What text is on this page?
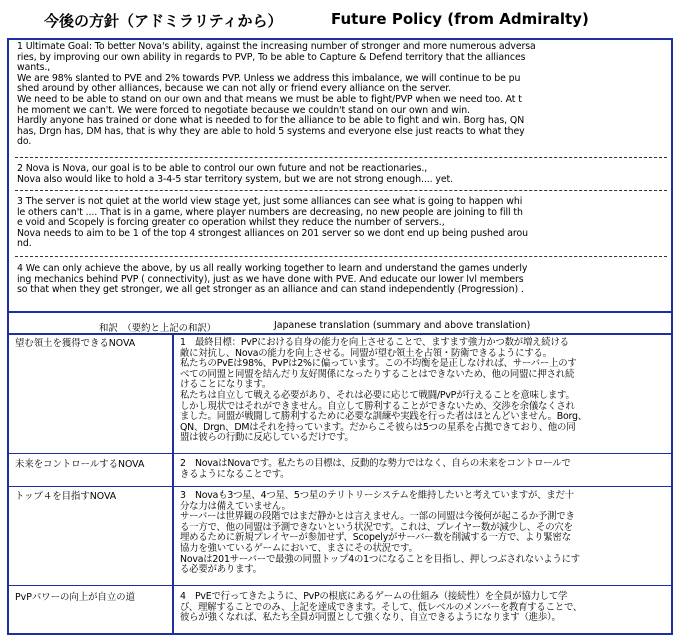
今後の方針（アドミラリティから）	Future Policy (from Admiralty)
1 Ultimate Goal: To better Nova's ability, against the increasing number of stronger and more numerous adversa
ries, by improving our own ability in regards to PVP, To be able to Capture & Defend territory that the alliances
wants.,
We are 98% slanted to PVE and 2% towards PVP. Unless we address this imbalance, we will continue to be pu
shed around by other alliances, because we can not ally or friend every alliance on the server.
We need to be able to stand on our own and that means we must be able to fight/PVP when we need too. At t
he moment we can't. We were forced to negotiate because we couldn't stand on our own and win.
Hardly anyone has trained or done what is needed to for the alliance to be able to fight and win. Borg has, QN
has, Drgn has, DM has, that is why they are able to hold 5 systems and everyone else just reacts to what they
do.
2 Nova is Nova, our goal is to be able to control our own future and not be reactionaries.,
Nova also would like to hold a 3-4-5 star territory system, but we are not strong enough.... yet.
3 The server is not quiet at the world view stage yet, just some alliances can see what is going to happen whi
le others can't .... That is in a game, where player numbers are decreasing, no new people are joining to fill th
e void and Scopely is forcing greater co operation whilst they reduce the number of servers.,
Nova needs to aim to be 1 of the top 4 strongest alliances on 201 server so we dont end up being pushed arou
nd.
4 We can only achieve the above, by us all really working together to learn and understand the games underly
ing mechanics behind PVP ( connectivity), just as we have done with PVE. And educate our lower lvl members
so that when they get stronger, we all get stronger as an alliance and can stand independently (Progression) .
和訳　（要約と上記の和訳）	Japanese translation (summary and above translation)
望む領土を獲得できるNOVA	1　最終目標：PvPにおける自身の能力を向上させることで、ますます強力かつ数が増え続ける
敵に対抗し、Novaの能力を向上させる。同盟が望む領土を占領・防衛できるようにする。
私たちのPvEは98%、PvPは2%に偏っています。この不均衡を是正しなければ、サーバー上のす
べての同盟と同盟を結んだり友好関係になったりすることはできないため、他の同盟に押され続
けることになります。
私たちは自立して戦える必要があり、それは必要に応じて戦闘/PvPが行えることを意味します。
しかし現状ではそれができません。自立して勝利することができないため、交渉を余儀なくされ
ました。同盟が戦闘して勝利するために必要な訓練や実践を行った者はほとんどいません。Borg、
QN、Drgn、DMはそれを持っています。だからこそ彼らは5つの星系を占拠できており、他の同
盟は彼らの行動に反応しているだけです。
未来をコントロールするNOVA	2　NovaはNovaです。私たちの目標は、反動的な勢力ではなく、自らの未来をコントロールで
きるようになることです。
トップ４を目指すNOVA	3　Novaも3つ星、4つ星、5つ星のテリトリーシステムを維持したいと考えていますが、まだ十
分な力は備えていません。
サーバーは世界観の段階ではまだ静かとは言えません。一部の同盟は今後何が起こるか予測でき
る一方で、他の同盟は予測できないという状況です。これは、プレイヤー数が減少し、その穴を
埋めるために新規プレイヤーが参加せず、Scopelyがサーバー数を削減する一方で、より緊密な
協力を強いているゲームにおいて、まさにその状況です。
Novaは201サーバーで最強の同盟トップ4の1つになることを目指し、押しつぶされないようにす
る必要があります。
PvPパワーの向上が自立の道	4　PvEで行ってきたように、PvPの根底にあるゲームの仕組み（接続性）を全員が協力して学
び、理解することでのみ、上記を達成できます。そして、低レベルのメンバーを教育することで、
彼らが強くなれば、私たち全員が同盟として強くなり、自立できるようになります（進歩）。
